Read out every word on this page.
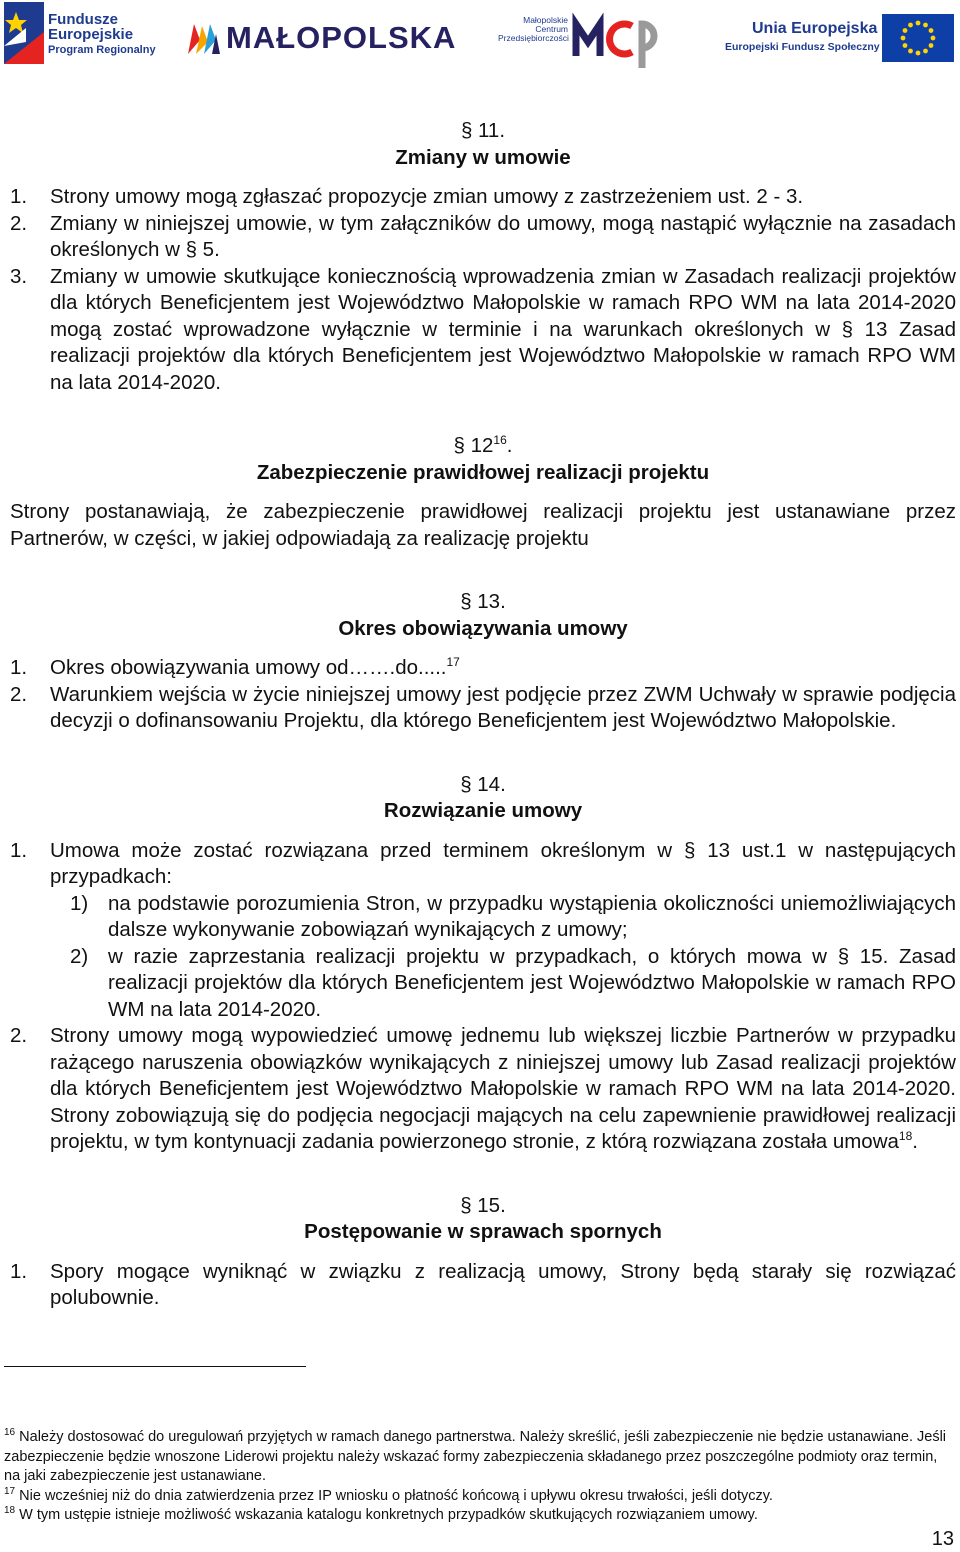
Fundusze
Europejskie
Program Regionalny MAŁOPOLSKA	Małopolskie
Centrum
Przedsiębiorczości
Unia Europejska
Europejski Fundusz Społeczny
§ 11.
Zmiany w umowie
1.	Strony umowy mogą zgłaszać propozycje zmian umowy z zastrzeżeniem ust. 2 - 3.
2.	Zmiany w niniejszej umowie, w tym załączników do umowy, mogą nastąpić wyłącznie na zasadach określonych w § 5.
3.	Zmiany w umowie skutkujące koniecznością wprowadzenia zmian w Zasadach realizacji projektów dla których Beneficjentem jest Województwo Małopolskie w ramach RPO WM na lata 2014-2020 mogą zostać wprowadzone wyłącznie w terminie i na warunkach określonych w § 13 Zasad realizacji projektów dla których Beneficjentem jest Województwo Małopolskie w ramach RPO WM na lata 2014-2020.
§ $12^{16}$.
Zabezpieczenie prawidłowej realizacji projektu
Strony postanawiają, że zabezpieczenie prawidłowej realizacji projektu jest ustanawiane przez Partnerów, w części, w jakiej odpowiadają za realizację projektu
§ 13.
Okres obowiązywania umowy
1.	Okres obowiązywania umowy od…….do.....$^{17}$
2.	Warunkiem wejścia w życie niniejszej umowy jest podjęcie przez ZWM Uchwały w sprawie podjęcia decyzji o dofinansowaniu Projektu, dla którego Beneficjentem jest Województwo Małopolskie.
§ 14.
Rozwiązanie umowy
1.	Umowa może zostać rozwiązana przed terminem określonym w § 13 ust.1 w następujących przypadkach:
1) na podstawie porozumienia Stron, w przypadku wystąpienia okoliczności uniemożliwiających dalsze wykonywanie zobowiązań wynikających z umowy;
2) w razie zaprzestania realizacji projektu w przypadkach, o których mowa w § 15. Zasad realizacji projektów dla których Beneficjentem jest Województwo Małopolskie w ramach RPO WM na lata 2014-2020.
2.	Strony umowy mogą wypowiedzieć umowę jednemu lub większej liczbie Partnerów w przypadku rażącego naruszenia obowiązków wynikających z niniejszej umowy lub Zasad realizacji projektów dla których Beneficjentem jest Województwo Małopolskie w ramach RPO WM na lata 2014-2020. Strony zobowiązują się do podjęcia negocjacji mających na celu zapewnienie prawidłowej realizacji projektu, w tym kontynuacji zadania powierzonego stronie, z którą rozwiązana została umowa$^{18}$.
§ 15.
Postępowanie w sprawach spornych
1.	Spory mogące wyniknąć w związku z realizacją umowy, Strony będą starały się rozwiązać polubownie.
$^{16}$ Należy dostosować do uregulowań przyjętych w ramach danego partnerstwa. Należy skreślić, jeśli zabezpieczenie nie będzie ustanawiane. Jeśli zabezpieczenie będzie wnoszone Liderowi projektu należy wskazać formy zabezpieczenia składanego przez poszczególne podmioty oraz termin, na jaki zabezpieczenie jest ustanawiane.
$^{17}$ Nie wcześniej niż do dnia zatwierdzenia przez IP wniosku o płatność końcową i upływu okresu trwałości, jeśli dotyczy.
$^{18}$ W tym ustępie istnieje możliwość wskazania katalogu konkretnych przypadków skutkujących rozwiązaniem umowy.
13
